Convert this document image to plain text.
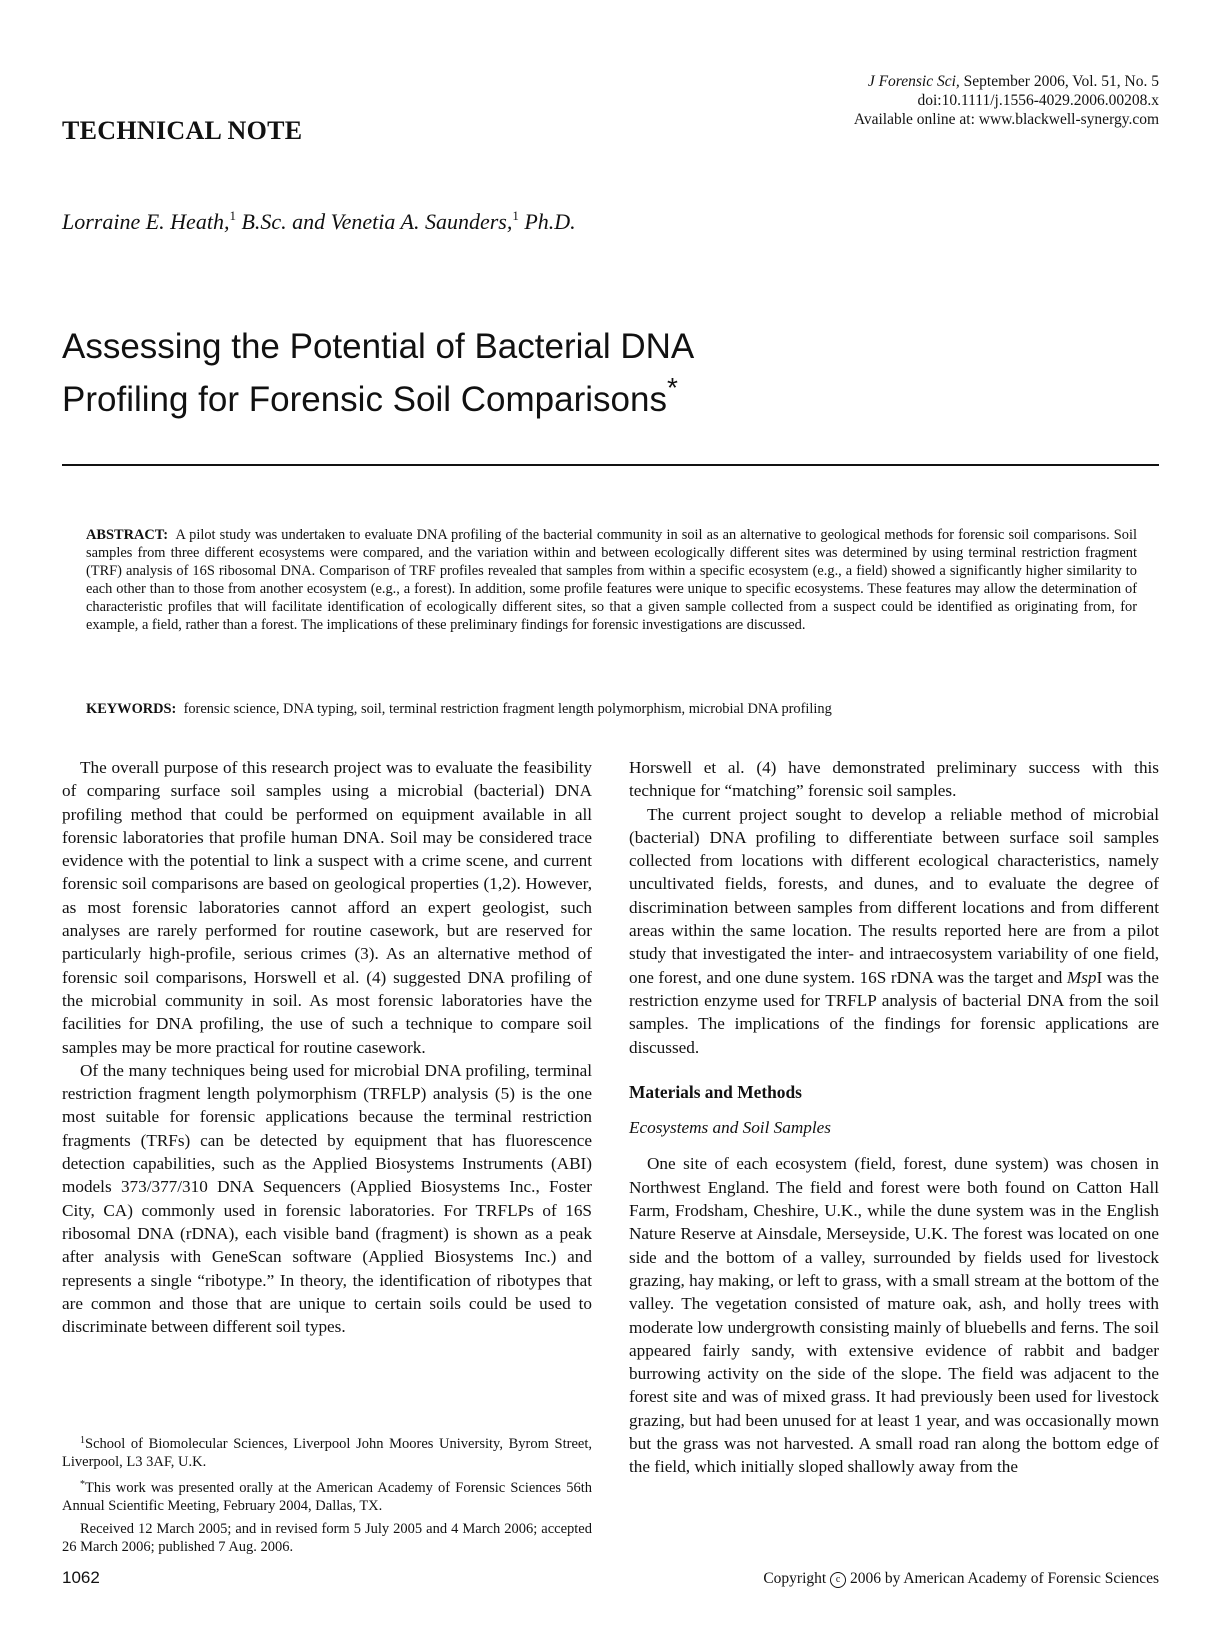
J Forensic Sci, September 2006, Vol. 51, No. 5
doi:10.1111/j.1556-4029.2006.00208.x
Available online at: www.blackwell-synergy.com
TECHNICAL NOTE

Lorraine E. Heath,$^1$ B.Sc. and Venetia A. Saunders,$^1$ Ph.D.

Assessing the Potential of Bacterial DNA
Profiling for Forensic Soil Comparisons*

ABSTRACT: A pilot study was undertaken to evaluate DNA profiling of the bacterial community in soil as an alternative to geological methods for forensic soil comparisons. Soil samples from three different ecosystems were compared, and the variation within and between ecologically different sites was determined by using terminal restriction fragment (TRF) analysis of 16S ribosomal DNA. Comparison of TRF profiles revealed that samples from within a specific ecosystem (e.g., a field) showed a significantly higher similarity to each other than to those from another ecosystem (e.g., a forest). In addition, some profile features were unique to specific ecosystems. These features may allow the determination of characteristic profiles that will facilitate identification of ecologically different sites, so that a given sample collected from a suspect could be identified as originating from, for example, a field, rather than a forest. The implications of these preliminary findings for forensic investigations are discussed.

KEYWORDS: forensic science, DNA typing, soil, terminal restriction fragment length polymorphism, microbial DNA profiling

The overall purpose of this research project was to evaluate the feasibility of comparing surface soil samples using a microbial (bacterial) DNA profiling method that could be performed on equipment available in all forensic laboratories that profile human DNA. Soil may be considered trace evidence with the potential to link a suspect with a crime scene, and current forensic soil comparisons are based on geological properties (1,2). However, as most forensic laboratories cannot afford an expert geologist, such analyses are rarely performed for routine casework, but are reserved for particularly high-profile, serious crimes (3). As an alternative method of forensic soil comparisons, Horswell et al. (4) suggested DNA profiling of the microbial community in soil. As most forensic laboratories have the facilities for DNA profiling, the use of such a technique to compare soil samples may be more practical for routine casework.

Of the many techniques being used for microbial DNA profiling, terminal restriction fragment length polymorphism (TRFLP) analysis (5) is the one most suitable for forensic applications because the terminal restriction fragments (TRFs) can be detected by equipment that has fluorescence detection capabilities, such as the Applied Biosystems Instruments (ABI) models 373/377/310 DNA Sequencers (Applied Biosystems Inc., Foster City, CA) commonly used in forensic laboratories. For TRFLPs of 16S ribosomal DNA (rDNA), each visible band (fragment) is shown as a peak after analysis with GeneScan software (Applied Biosystems Inc.) and represents a single “ribotype.” In theory, the identification of ribotypes that are common and those that are unique to certain soils could be used to discriminate between different soil types.

Horswell et al. (4) have demonstrated preliminary success with this technique for “matching” forensic soil samples.

The current project sought to develop a reliable method of microbial (bacterial) DNA profiling to differentiate between surface soil samples collected from locations with different ecological characteristics, namely uncultivated fields, forests, and dunes, and to evaluate the degree of discrimination between samples from different locations and from different areas within the same location. The results reported here are from a pilot study that investigated the inter- and intraecosystem variability of one field, one forest, and one dune system. 16S rDNA was the target and MspI was the restriction enzyme used for TRFLP analysis of bacterial DNA from the soil samples. The implications of the findings for forensic applications are discussed.

Materials and Methods
Ecosystems and Soil Samples

One site of each ecosystem (field, forest, dune system) was chosen in Northwest England. The field and forest were both found on Catton Hall Farm, Frodsham, Cheshire, U.K., while the dune system was in the English Nature Reserve at Ainsdale, Merseyside, U.K. The forest was located on one side and the bottom of a valley, surrounded by fields used for livestock grazing, hay making, or left to grass, with a small stream at the bottom of the valley. The vegetation consisted of mature oak, ash, and holly trees with moderate low undergrowth consisting mainly of bluebells and ferns. The soil appeared fairly sandy, with extensive evidence of rabbit and badger burrowing activity on the side of the slope. The field was adjacent to the forest site and was of mixed grass. It had previously been used for livestock grazing, but had been unused for at least 1 year, and was occasionally mown but the grass was not harvested. A small road ran along the bottom edge of the field, which initially sloped shallowly away from the

$^1$School of Biomolecular Sciences, Liverpool John Moores University, Byrom Street, Liverpool, L3 3AF, U.K.

*This work was presented orally at the American Academy of Forensic Sciences 56th Annual Scientific Meeting, February 2004, Dallas, TX.

Received 12 March 2005; and in revised form 5 July 2005 and 4 March 2006; accepted 26 March 2006; published 7 Aug. 2006.

1062	Copyright c 2006 by American Academy of Forensic Sciences
